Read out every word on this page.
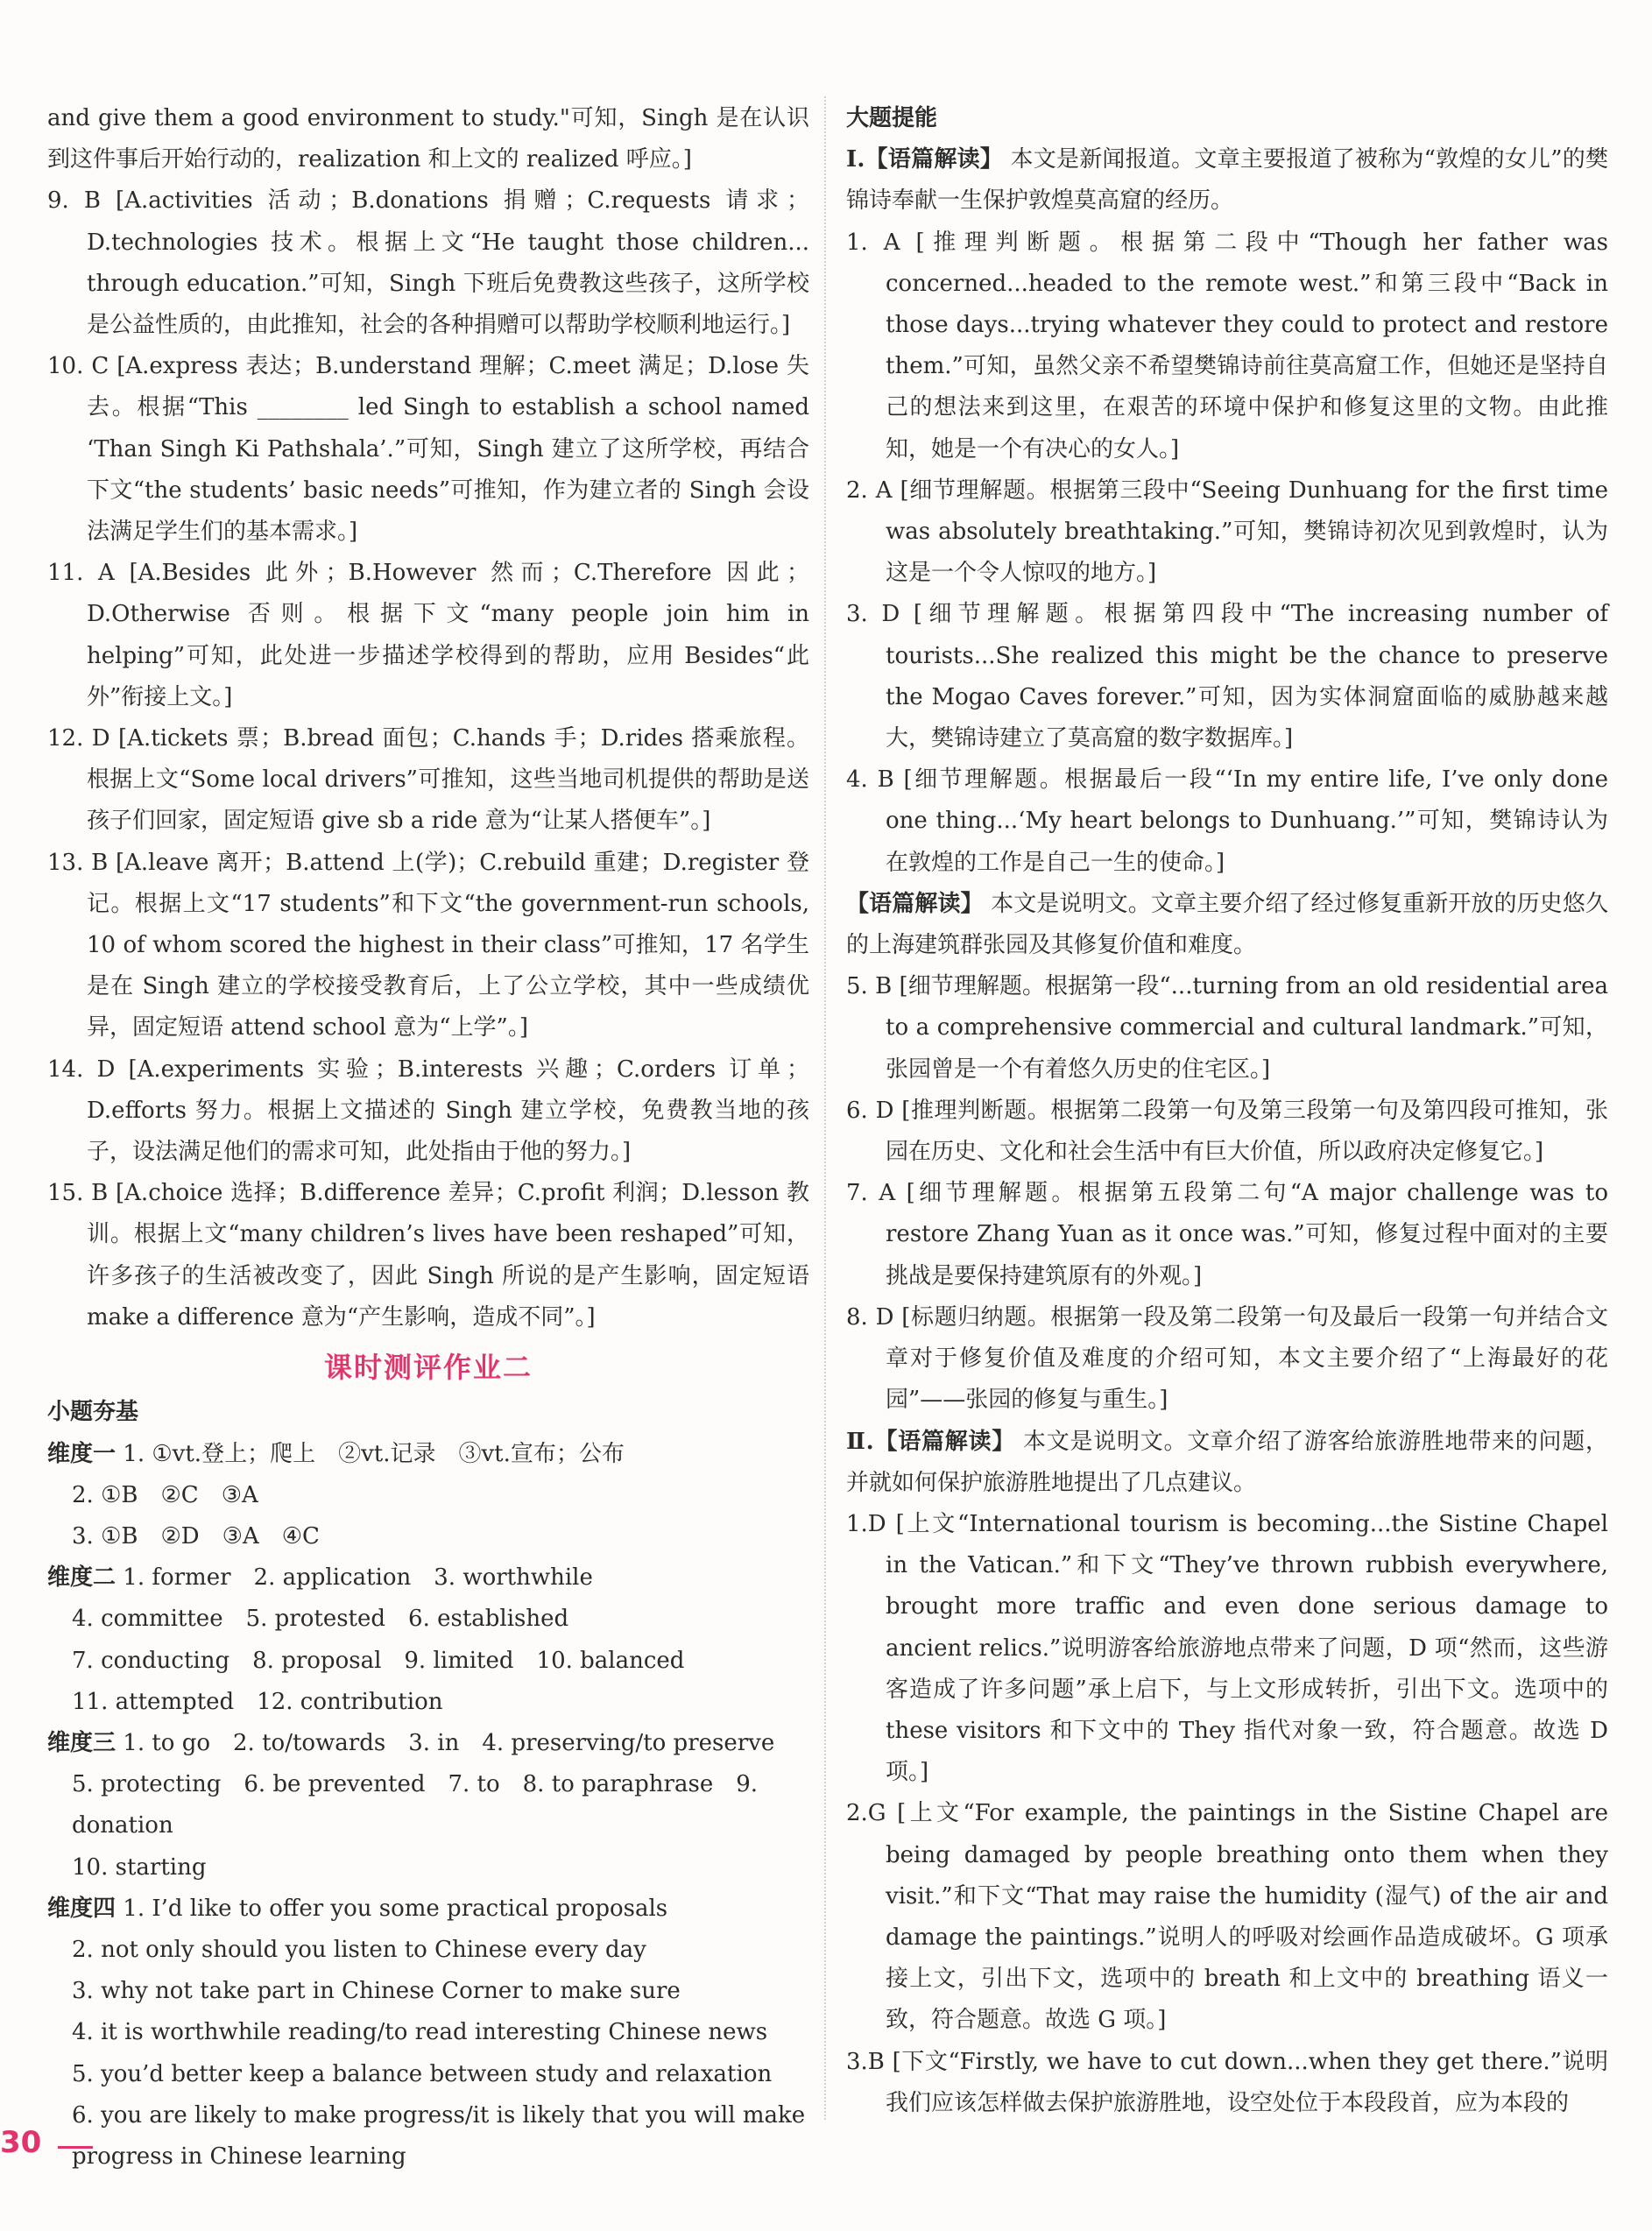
and give them a good environment to study."可知，Singh 是在认识到这件事后开始行动的，realization 和上文的 realized 呼应。]
9. B [A.activities 活动；B.donations 捐赠；C.requests 请求；D.technologies 技术。根据上文“He taught those children... through education.”可知，Singh 下班后免费教这些孩子，这所学校是公益性质的，由此推知，社会的各种捐赠可以帮助学校顺利地运行。]
10. C [A.express 表达；B.understand 理解；C.meet 满足；D.lose 失去。根据“This ________ led Singh to establish a school named ‘Than Singh Ki Pathshala’.”可知，Singh 建立了这所学校，再结合下文“the students’ basic needs”可推知，作为建立者的 Singh 会设法满足学生们的基本需求。]
11. A [A.Besides 此外；B.However 然而；C.Therefore 因此；D.Otherwise 否则。根据下文“many people join him in helping”可知，此处进一步描述学校得到的帮助，应用 Besides“此外”衔接上文。]
12. D [A.tickets 票；B.bread 面包；C.hands 手；D.rides 搭乘旅程。根据上文“Some local drivers”可推知，这些当地司机提供的帮助是送孩子们回家，固定短语 give sb a ride 意为“让某人搭便车”。]
13. B [A.leave 离开；B.attend 上(学)；C.rebuild 重建；D.register 登记。根据上文“17 students”和下文“the government-run schools, 10 of whom scored the highest in their class”可推知，17 名学生是在 Singh 建立的学校接受教育后，上了公立学校，其中一些成绩优异，固定短语 attend school 意为“上学”。]
14. D [A.experiments 实验；B.interests 兴趣；C.orders 订单；D.efforts 努力。根据上文描述的 Singh 建立学校，免费教当地的孩子，设法满足他们的需求可知，此处指由于他的努力。]
15. B [A.choice 选择；B.difference 差异；C.profit 利润；D.lesson 教训。根据上文“many children’s lives have been reshaped”可知，许多孩子的生活被改变了，因此 Singh 所说的是产生影响，固定短语 make a difference 意为“产生影响，造成不同”。]
课时测评作业二
小题夯基
维度一 1. ①vt.登上；爬上　②vt.记录　③vt.宣布；公布
2. ①B　②C　③A
3. ①B　②D　③A　④C
维度二 1. former　2. application　3. worthwhile
4. committee　5. protested　6. established
7. conducting　8. proposal　9. limited　10. balanced
11. attempted　12. contribution
维度三 1. to go　2. to/towards　3. in　4. preserving/to preserve
5. protecting　6. be prevented　7. to　8. to paraphrase　9. donation
10. starting
维度四 1. I’d like to offer you some practical proposals
2. not only should you listen to Chinese every day
3. why not take part in Chinese Corner to make sure
4. it is worthwhile reading/to read interesting Chinese news
5. you’d better keep a balance between study and relaxation
6. you are likely to make progress/it is likely that you will make progress in Chinese learning
大题提能
Ⅰ.【语篇解读】 本文是新闻报道。文章主要报道了被称为“敦煌的女儿”的樊锦诗奉献一生保护敦煌莫高窟的经历。
1. A [推理判断题。根据第二段中“Though her father was concerned...headed to the remote west.”和第三段中“Back in those days...trying whatever they could to protect and restore them.”可知，虽然父亲不希望樊锦诗前往莫高窟工作，但她还是坚持自己的想法来到这里，在艰苦的环境中保护和修复这里的文物。由此推知，她是一个有决心的女人。]
2. A [细节理解题。根据第三段中“Seeing Dunhuang for the first time was absolutely breathtaking.”可知，樊锦诗初次见到敦煌时，认为这是一个令人惊叹的地方。]
3. D [细节理解题。根据第四段中“The increasing number of tourists...She realized this might be the chance to preserve the Mogao Caves forever.”可知，因为实体洞窟面临的威胁越来越大，樊锦诗建立了莫高窟的数字数据库。]
4. B [细节理解题。根据最后一段“‘In my entire life, I’ve only done one thing...‘My heart belongs to Dunhuang.’”可知，樊锦诗认为在敦煌的工作是自己一生的使命。]
【语篇解读】 本文是说明文。文章主要介绍了经过修复重新开放的历史悠久的上海建筑群张园及其修复价值和难度。
5. B [细节理解题。根据第一段“...turning from an old residential area to a comprehensive commercial and cultural landmark.”可知，张园曾是一个有着悠久历史的住宅区。]
6. D [推理判断题。根据第二段第一句及第三段第一句及第四段可推知，张园在历史、文化和社会生活中有巨大价值，所以政府决定修复它。]
7. A [细节理解题。根据第五段第二句“A major challenge was to restore Zhang Yuan as it once was.”可知，修复过程中面对的主要挑战是要保持建筑原有的外观。]
8. D [标题归纳题。根据第一段及第二段第一句及最后一段第一句并结合文章对于修复价值及难度的介绍可知，本文主要介绍了“上海最好的花园”——张园的修复与重生。]
Ⅱ.【语篇解读】 本文是说明文。文章介绍了游客给旅游胜地带来的问题，并就如何保护旅游胜地提出了几点建议。
1.D [上文“International tourism is becoming...the Sistine Chapel in the Vatican.”和下文“They’ve thrown rubbish everywhere, brought more traffic and even done serious damage to ancient relics.”说明游客给旅游地点带来了问题，D 项“然而，这些游客造成了许多问题”承上启下，与上文形成转折，引出下文。选项中的 these visitors 和下文中的 They 指代对象一致，符合题意。故选 D 项。]
2.G [上文“For example, the paintings in the Sistine Chapel are being damaged by people breathing onto them when they visit.”和下文“That may raise the humidity (湿气) of the air and damage the paintings.”说明人的呼吸对绘画作品造成破坏。G 项承接上文，引出下文，选项中的 breath 和上文中的 breathing 语义一致，符合题意。故选 G 项。]
3.B [下文“Firstly, we have to cut down...when they get there.”说明我们应该怎样做去保护旅游胜地，设空处位于本段段首，应为本段的
30
